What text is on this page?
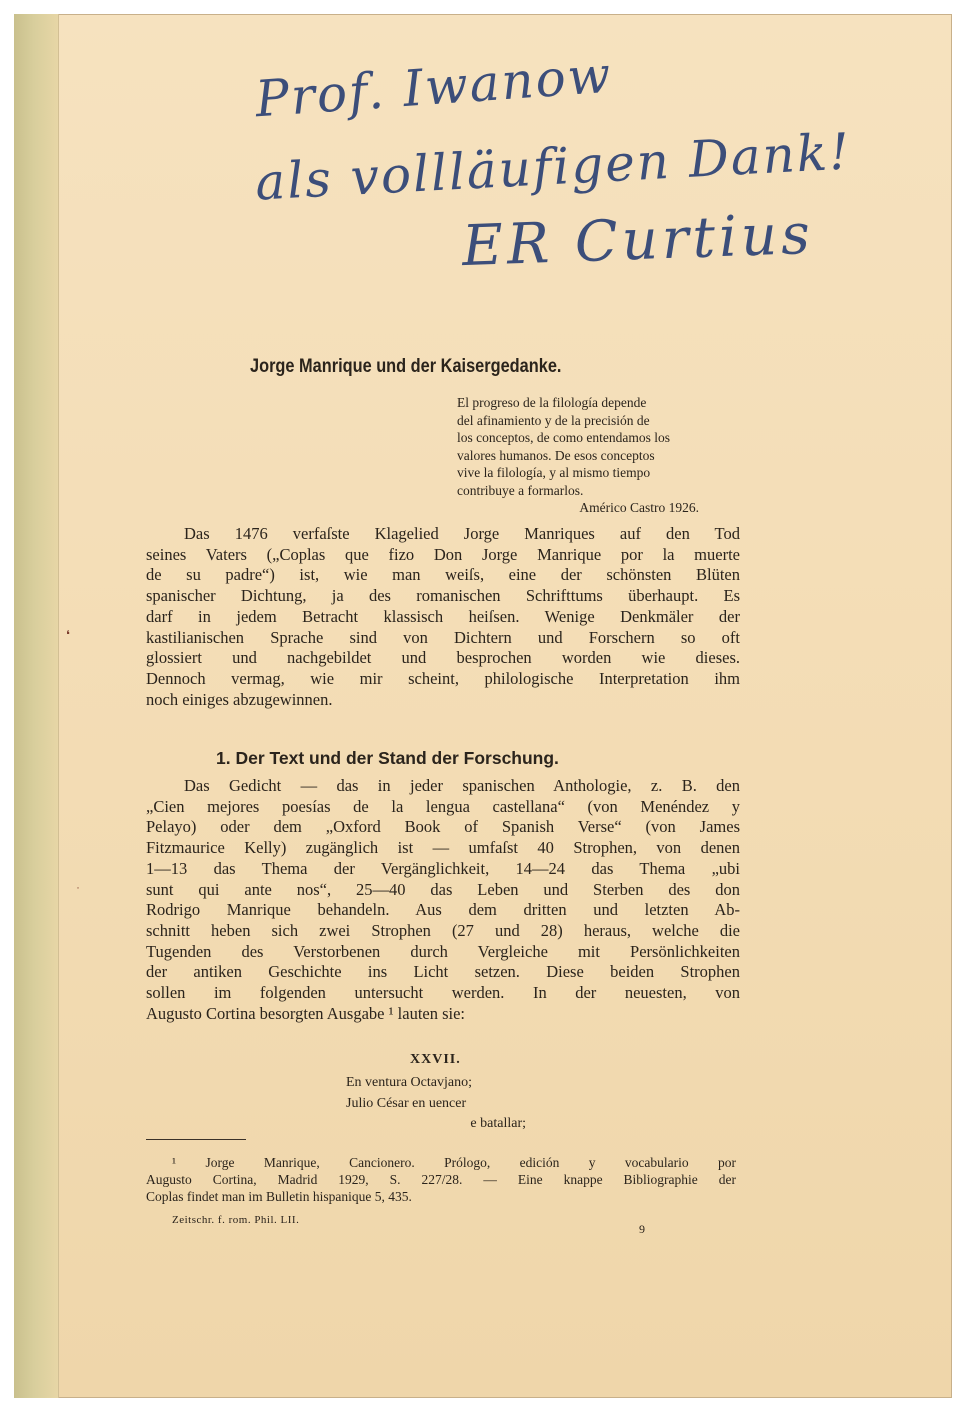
Prof. Iwanow
als vollläufigen Dank!
ER Curtius
Jorge Manrique und der Kaisergedanke.
El progreso de la filología depende
del afinamiento y de la precisión de
los conceptos, de como entendamos los
valores humanos. De esos conceptos
vive la filología, y al mismo tiempo
contribuye a formarlos.
Américo Castro 1926.
Das 1476 verfaſste Klagelied Jorge Manriques auf den Tod
seines Vaters („Coplas que fizo Don Jorge Manrique por la muerte
de su padre“) ist, wie man weiſs, eine der schönsten Blüten
spanischer Dichtung, ja des romanischen Schrifttums überhaupt. Es
darf in jedem Betracht klassisch heiſsen. Wenige Denkmäler der
kastilianischen Sprache sind von Dichtern und Forschern so oft
glossiert und nachgebildet und besprochen worden wie dieses.
Dennoch vermag, wie mir scheint, philologische Interpretation ihm
noch einiges abzugewinnen.
1. Der Text und der Stand der Forschung.
Das Gedicht — das in jeder spanischen Anthologie, z. B. den
„Cien mejores poesías de la lengua castellana“ (von Menéndez y
Pelayo) oder dem „Oxford Book of Spanish Verse“ (von James
Fitzmaurice Kelly) zugänglich ist — umfaſst 40 Strophen, von denen
1—13 das Thema der Vergänglichkeit, 14—24 das Thema „ubi
sunt qui ante nos“, 25—40 das Leben und Sterben des don
Rodrigo Manrique behandeln. Aus dem dritten und letzten Ab-
schnitt heben sich zwei Strophen (27 und 28) heraus, welche die
Tugenden des Verstorbenen durch Vergleiche mit Persönlichkeiten
der antiken Geschichte ins Licht setzen. Diese beiden Strophen
sollen im folgenden untersucht werden. In der neuesten, von
Augusto Cortina besorgten Ausgabe ¹ lauten sie:
XXVII.
En ventura Octavjano;
Julio César en uencer
e batallar;
¹ Jorge Manrique, Cancionero. Prólogo, edición y vocabulario por
Augusto Cortina, Madrid 1929, S. 227/28. — Eine knappe Bibliographie der
Coplas findet man im Bulletin hispanique 5, 435.
Zeitschr. f. rom. Phil. LII.
9
❛
˙
